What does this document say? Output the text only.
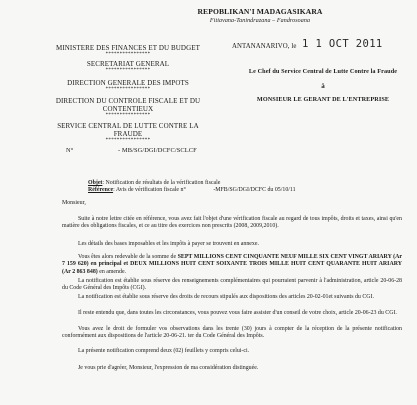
REPOBLIKAN'I MADAGASIKARA
Fitiavana-Tanindrazana – Fandrosoana
MINISTERE DES FINANCES ET DU BUDGET
****************
SECRETARIAT GENERAL
****************
DIRECTION GENERALE DES IMPOTS
****************
DIRECTION DU CONTROLE FISCALE ET DU
CONTENTIEUX
****************
SERVICE CENTRAL DE LUTTE CONTRE LA
FRAUDE
****************
N°	- MB/SG/DGI/DCFC/SCLCF
ANTANANARIVO, le 1 1 OCT 2011
Le Chef du Service Central de Lutte Contre la Fraude
à
MONSIEUR LE GERANT DE L'ENTREPRISE
Objet: Notification de résultats de la vérification fiscale
Référence: Avis de vérification fiscale n°	-MFB/SG/DGI/DCFC du 05/10/11
Monsieur,
Suite à notre lettre citée en référence, vous avez fait l'objet d'une vérification fiscale au regard de tous impôts, droits et taxes, ainsi qu'en matière des obligations fiscales, et ce au titre des exercices non prescrits (2008, 2009,2010).
Les détails des bases imposables et les impôts à payer se trouvent en annexe.
Vous êtes alors redevable de la somme de SEPT MILLIONS CENT CINQUANTE NEUF MILLE SIX CENT VINGT ARIARY (Ar 7 159 620) en principal et DEUX MILLIONS HUIT CENT SOIXANTE TROIS MILLE HUIT CENT QUARANTE HUIT ARIARY (Ar 2 863 848) en amende.
La notification est établie sous réserve des renseignements complémentaires qui pourraient parvenir à l'administration, article 20-06-28 du Code Général des Impôts (CGI).
La notification est établie sous réserve des droits de recours stipulés aux dispositions des articles 20-02-01et suivants du CGI.
Il reste entendu que, dans toutes les circonstances, vous pouvez vous faire assister d'un conseil de votre choix, article 20-06-23 du CGI.
Vous avez le droit de formuler vos observations dans les trente (30) jours à compter de la réception de la présente notification conformément aux dispositions de l'article 20-06-21. ter du Code Général des Impôts.
La présente notification comprend deux (02) feuillets y compris celui-ci.
Je vous prie d'agréer, Monsieur, l'expression de ma considération distinguée.
